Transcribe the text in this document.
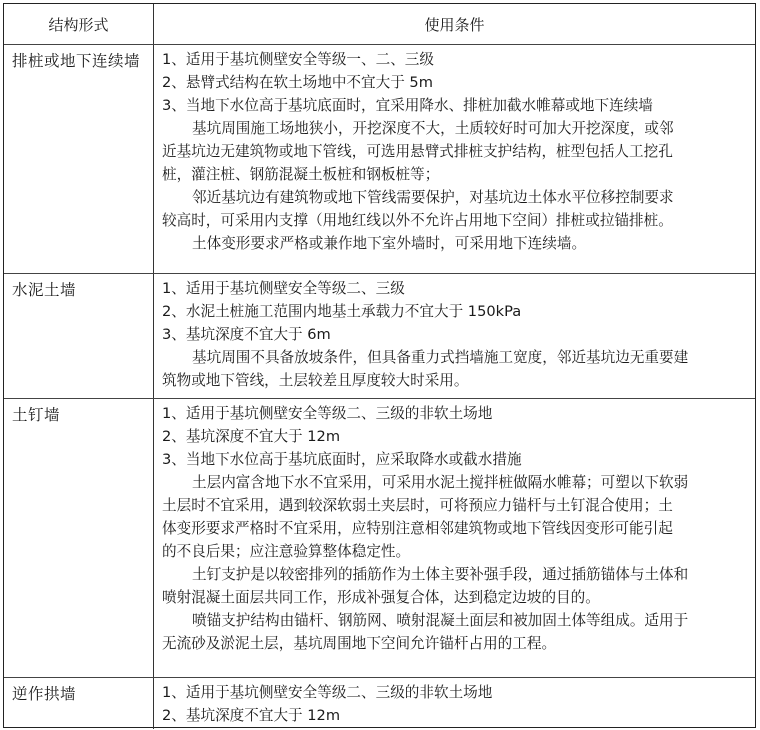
结构形式	使用条件
排桩或地下连续墙 1、适用于基坑侧壁安全等级一、二、三级
2、悬臂式结构在软土场地中不宜大于 5m
3、当地下水位高于基坑底面时，宜采用降水、排桩加截水帷幕或地下连续墙
基坑周围施工场地狭小，开挖深度不大，土质较好时可加大开挖深度，或邻
近基坑边无建筑物或地下管线，可选用悬臂式排桩支护结构，桩型包括人工挖孔
桩，灌注桩、钢筋混凝土板桩和钢板桩等；
邻近基坑边有建筑物或地下管线需要保护，对基坑边土体水平位移控制要求
较高时，可采用内支撑（用地红线以外不允许占用地下空间）排桩或拉锚排桩。
土体变形要求严格或兼作地下室外墙时，可采用地下连续墙。
水泥土墙	1、适用于基坑侧壁安全等级二、三级
2、水泥土桩施工范围内地基土承载力不宜大于 150kPa
3、基坑深度不宜大于 6m
基坑周围不具备放坡条件，但具备重力式挡墙施工宽度，邻近基坑边无重要建
筑物或地下管线，土层较差且厚度较大时采用。
土钉墙	1、适用于基坑侧壁安全等级二、三级的非软土场地
2、基坑深度不宜大于 12m
3、当地下水位高于基坑底面时，应采取降水或截水措施
土层内富含地下水不宜采用，可采用水泥土搅拌桩做隔水帷幕；可塑以下软弱
土层时不宜采用，遇到较深软弱土夹层时，可将预应力锚杆与土钉混合使用；土
体变形要求严格时不宜采用，应特别注意相邻建筑物或地下管线因变形可能引起
的不良后果；应注意验算整体稳定性。
土钉支护是以较密排列的插筋作为土体主要补强手段，通过插筋锚体与土体和
喷射混凝土面层共同工作，形成补强复合体，达到稳定边坡的目的。
喷锚支护结构由锚杆、钢筋网、喷射混凝土面层和被加固土体等组成。适用于
无流砂及淤泥土层，基坑周围地下空间允许锚杆占用的工程。
逆作拱墙	1、适用于基坑侧壁安全等级二、三级的非软土场地
2、基坑深度不宜大于 12m
